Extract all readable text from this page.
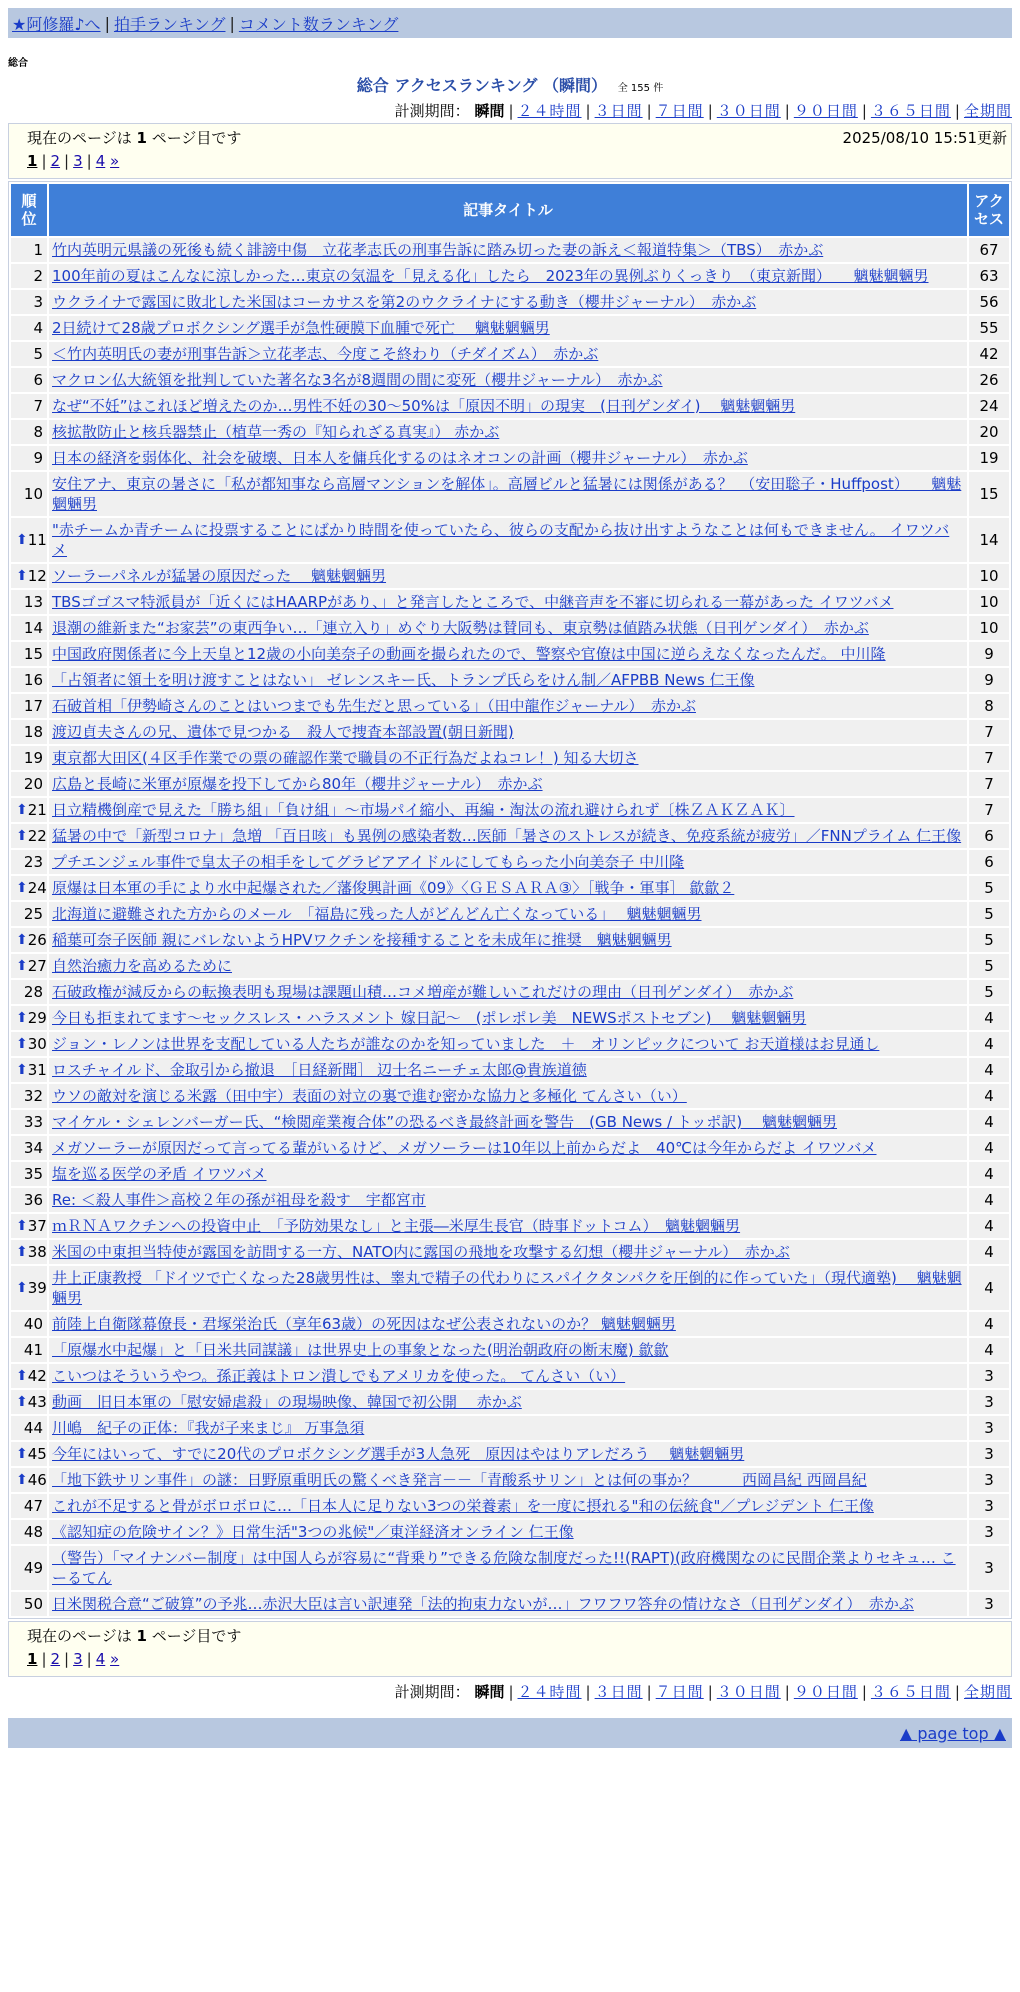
★阿修羅♪へ | 拍手ランキング | コメント数ランキング
総合
総合 アクセスランキング （瞬間） 全 155 件
計測期間： 瞬間 | ２４時間 | ３日間 | ７日間 | ３０日間 | ９０日間 | ３６５日間 | 全期間
現在のページは 1 ページ目です	2025/08/10 15:51更新
1 | 2 | 3 | 4 »
順位	記事タイトル	アクセス
1	竹内英明元県議の死後も続く誹謗中傷　立花孝志氏の刑事告訴に踏み切った妻の訴え＜報道特集＞（TBS）　赤かぶ	67
2	100年前の夏はこんなに涼しかった…東京の気温を「見える化」したら　2023年の異例ぶりくっきり　（東京新聞）　　魑魅魍魎男	63
3	ウクライナで露国に敗北した米国はコーカサスを第2のウクライナにする動き（櫻井ジャーナル）　赤かぶ	56
4	2日続けて28歳プロボクシング選手が急性硬膜下血腫で死亡　 魑魅魍魎男	55
5	＜竹内英明氏の妻が刑事告訴＞立花孝志、今度こそ終わり（チダイズム）　赤かぶ	42
6	マクロン仏大統領を批判していた著名な3名が8週間の間に変死（櫻井ジャーナル）　赤かぶ	26
7	なぜ“不妊”はこれほど増えたのか…男性不妊の30～50%は「原因不明」の現実　(日刊ゲンダイ)　 魑魅魍魎男	24
8	核拡散防止と核兵器禁止（植草一秀の『知られざる真実』） 赤かぶ	20
9	日本の経済を弱体化、社会を破壊、日本人を傭兵化するのはネオコンの計画（櫻井ジャーナル）　赤かぶ	19
10	安住アナ、東京の暑さに「私が都知事なら高層マンションを解体」。高層ビルと猛暑には関係がある？　（安田聡子・Huffpost）　　魑魅魍魎男	15

⬆ 11	"赤チームか青チームに投票することにばかり時間を使っていたら、彼らの支配から抜け出すようなことは何もできません。 イワツバメ	14

⬆ 12	ソーラーパネルが猛暑の原因だった　 魑魅魍魎男	10
13	TBSゴゴスマ特派員が「近くにはHAARPがあり、」と発言したところで、中継音声を不審に切られる一幕があった イワツバメ	10
14	退潮の維新また“お家芸”の東西争い…「連立入り」めぐり大阪勢は賛同も、東京勢は値踏み状態（日刊ゲンダイ）　赤かぶ	10
15	中国政府関係者に今上天皇と12歳の小向美奈子の動画を撮られたので、警察や官僚は中国に逆らえなくなったんだ。 中川隆	9
16	「占領者に領土を明け渡すことはない」 ゼレンスキー氏、トランプ氏らをけん制／AFPBB News 仁王像	9
17	石破首相「伊勢崎さんのことはいつまでも先生だと思っている」（田中龍作ジャーナル）　赤かぶ	8
18	渡辺貞夫さんの兄、遺体で見つかる　殺人で捜査本部設置(朝日新聞)	7
19	東京都大田区(４区手作業での票の確認作業で職員の不正行為だよねコレ！) 知る大切さ	7
20	広島と長崎に米軍が原爆を投下してから80年（櫻井ジャーナル）　赤かぶ	7

⬆ 21	日立精機倒産で見えた「勝ち組」「負け組」～市場パイ縮小、再編・淘汰の流れ避けられず〔株ＺＡＫＺＡＫ〕	7

⬆ 22	猛暑の中で「新型コロナ」急増 「百日咳」も異例の感染者数…医師「暑さのストレスが続き、免疫系統が疲労」／FNNプライム 仁王像	6
23	プチエンジェル事件で皇太子の相手をしてグラビアアイドルにしてもらった小向美奈子 中川隆	6

⬆ 24	原爆は日本軍の手により水中起爆された／藩俊興計画《09》〈ＧＥＳＡＲＡ③〉［戦争・軍事］ 歙歙２	5
25	北海道に避難された方からのメール　「福島に残った人がどんどん亡くなっている」　 魑魅魍魎男	5

⬆ 26	稲葉可奈子医師 親にバレないようHPVワクチンを接種することを未成年に推奨　魑魅魍魎男	5

⬆ 27	自然治癒力を高めるために	5
28	石破政権が減反からの転換表明も現場は課題山積…コメ増産が難しいこれだけの理由（日刊ゲンダイ）　赤かぶ	5

⬆ 29	今日も拒まれてます～セックスレス・ハラスメント 嫁日記～　(ポレポレ美　NEWSポストセブン)　 魑魅魍魎男	4

⬆ 30	ジョン・レノンは世界を支配している人たちが誰なのかを知っていました　＋　オリンピックについて お天道様はお見通し	4

⬆ 31	ロスチャイルド、金取引から撤退　［日経新聞］ 辺士名ニーチェ太郎@貴族道徳	4
32	ウソの敵対を演じる米露（田中宇）表面の対立の裏で進む密かな協力と多極化 てんさい（い）	4
33	マイケル・シェレンバーガー氏、“検閲産業複合体”の恐るべき最終計画を警告　(GB News / トッポ訳)　 魑魅魍魎男	4
34	メガソーラーが原因だって言ってる輩がいるけど、メガソーラーは10年以上前からだよ　40℃は今年からだよ イワツバメ	4
35	塩を巡る医学の矛盾 イワツバメ	4
36	Re: ＜殺人事件＞高校２年の孫が祖母を殺す　宇都宮市	4

⬆ 37	ｍＲＮＡワクチンへの投資中止　「予防効果なし」と主張―米厚生長官（時事ドットコム）　魑魅魍魎男	4

⬆ 38	米国の中東担当特使が露国を訪問する一方、NATO内に露国の飛地を攻撃する幻想（櫻井ジャーナル）　赤かぶ	4

⬆ 39	井上正康教授 「ドイツで亡くなった28歳男性は、睾丸で精子の代わりにスパイクタンパクを圧倒的に作っていた」（現代適塾)　 魑魅魍魎男	4
40	前陸上自衛隊幕僚長・君塚栄治氏（享年63歳）の死因はなぜ公表されないのか？ 魑魅魍魎男	4
41	「原爆水中起爆」と「日米共同謀議」は世界史上の事象となった(明治朝政府の断末魔) 歙歙	4

⬆ 42	こいつはそういうやつ。孫正義はトロン潰しでもアメリカを使った。 てんさい（い）	3

⬆ 43	動画　旧日本軍の「慰安婦虐殺」の現場映像、韓国で初公開　 赤かぶ	3
44	川嶋　紀子の正体：『我が子来まじ』 万事急須	3

⬆ 45	今年にはいって、すでに20代のプロボクシング選手が3人急死　原因はやはりアレだろう　 魑魅魍魎男	3

⬆ 46	「地下鉄サリン事件」の謎：日野原重明氏の驚くべき発言－－「青酸系サリン」とは何の事か？　　　西岡昌紀 西岡昌紀	3
47	これが不足すると骨がボロボロに…「日本人に足りない3つの栄養素」を一度に摂れる"和の伝統食"／プレジデント 仁王像	3
48	《認知症の危険サイン？》日常生活"3つの兆候"／東洋経済オンライン 仁王像	3
49	（警告）「マイナンバー制度」は中国人らが容易に“背乗り”できる危険な制度だった!!(RAPT)(政府機関なのに民間企業よりセキュ… こーるてん	3
50	日米関税合意“ご破算”の予兆…赤沢大臣は言い訳連発「法的拘束力ないが…」フワフワ答弁の情けなさ（日刊ゲンダイ）　赤かぶ	3
現在のページは 1 ページ目です
1 | 2 | 3 | 4 »
計測期間： 瞬間 | ２４時間 | ３日間 | ７日間 | ３０日間 | ９０日間 | ３６５日間 | 全期間
▲ page top ▲
